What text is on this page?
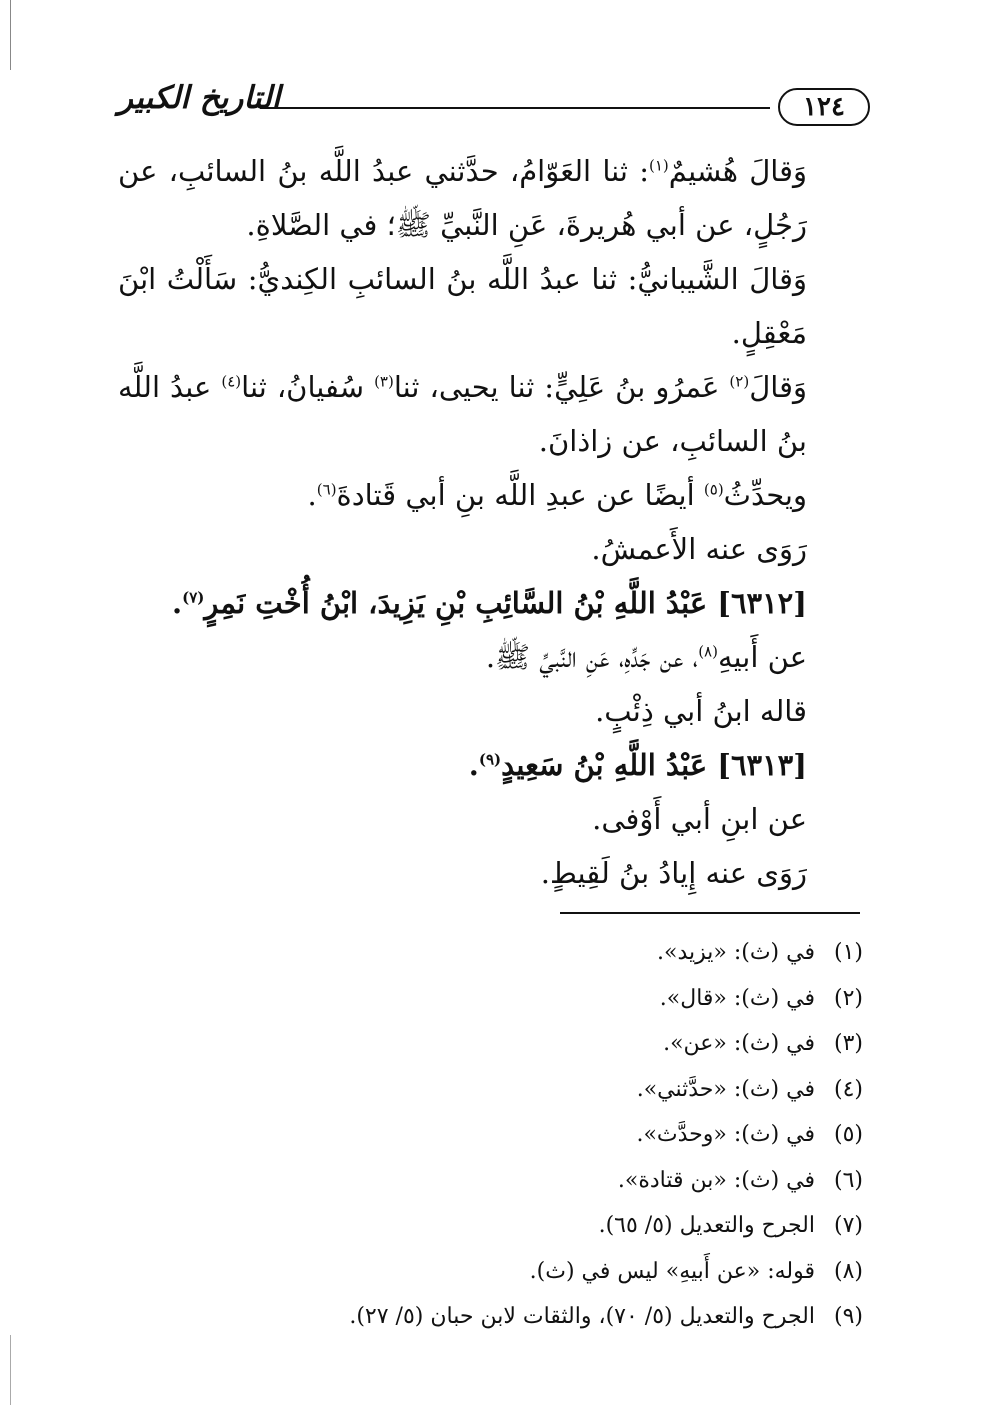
١٢٤
التاريخ الكبير

وَقالَ هُشيمٌ$^{(١)}$: ثنا العَوّامُ، حدَّثني عبدُ اللَّه بنُ السائبِ، عن رَجُلٍ، عن أبي هُريرةَ، عَنِ النَّبيِّ ﷺ؛ في الصَّلاةِ.

وَقالَ الشَّيبانيُّ: ثنا عبدُ اللَّه بنُ السائبِ الكِنديُّ: سَأَلْتُ ابْنَ مَعْقِلٍ.

وَقالَ$^{(٢)}$ عَمرُو بنُ عَلِيٍّ: ثنا يحيى، ثنا$^{(٣)}$ سُفيانُ، ثنا$^{(٤)}$ عبدُ اللَّه بنُ السائبِ، عن زاذانَ.

ويحدِّثُ$^{(٥)}$ أيضًا عن عبدِ اللَّه بنِ أبي قَتادةَ$^{(٦)}$.

رَوَى عنه الأَعمشُ.

[٦٣١٢] عَبْدُ اللَّهِ بْنُ السَّائِبِ بْنِ يَزِيدَ، ابْنُ أُخْتِ نَمِرٍ$^{(٧)}$.

عن أَبيهِ$^{(٨)}$، عن جَدِّهِ، عَنِ النَّبيِّ ﷺ.

قاله ابنُ أبي ذِئْبٍ.

[٦٣١٣] عَبْدُ اللَّهِ بْنُ سَعِيدٍ$^{(٩)}$.

عن ابنِ أبي أَوْفى.

رَوَى عنه إِيادُ بنُ لَقِيطٍ.

(١)
في (ث): «يزيد».
(٢)
في (ث): «قال».
(٣)
في (ث): «عن».
(٤)
في (ث): «حدَّثني».
(٥)
في (ث): «وحدَّث».
(٦)
في (ث): «بن قتادة».
(٧)
الجرح والتعديل (٥/ ٦٥).
(٨)
قوله: «عن أَبيهِ» ليس في (ث).
(٩)
الجرح والتعديل (٥/ ٧٠)، والثقات لابن حبان (٥/ ٢٧).
